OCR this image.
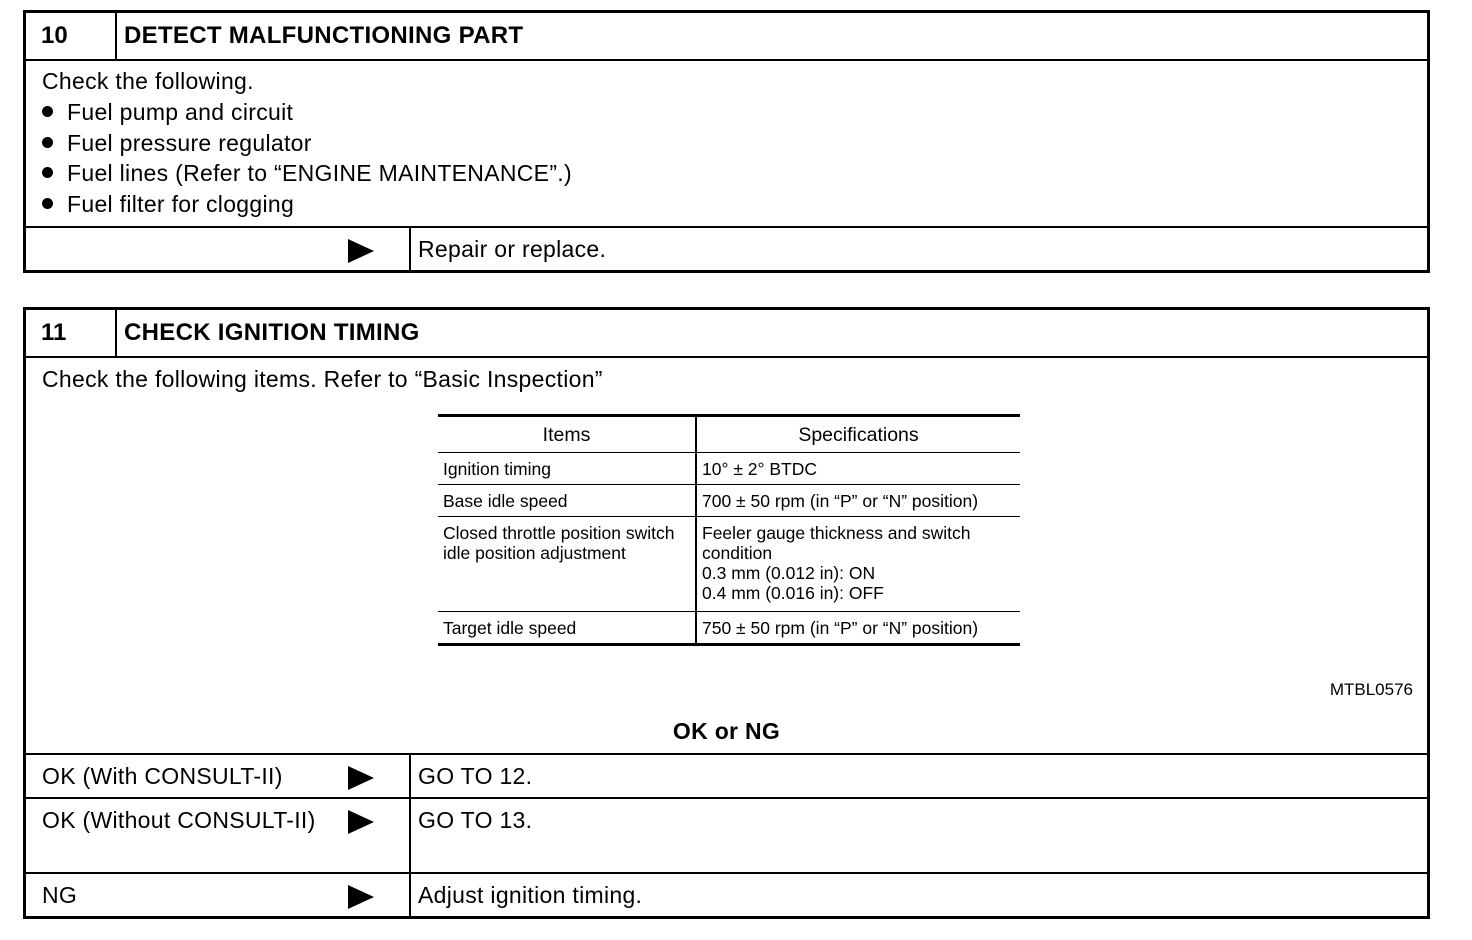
10	DETECT MALFUNCTIONING PART
Check the following.
Fuel pump and circuit
Fuel pressure regulator
Fuel lines (Refer to “ENGINE MAINTENANCE”.)
Fuel filter for clogging
Repair or replace.
11	CHECK IGNITION TIMING
Check the following items. Refer to “Basic Inspection”
Items	Specifications
Ignition timing	10° ± 2° BTDC

Base idle speed	700 ± 50 rpm (in “P” or “N” position)

Closed throttle position switch idle position adjustment	Feeler gauge thickness and switch condition
0.3 mm (0.012 in): ON
0.4 mm (0.016 in): OFF

Target idle speed	750 ± 50 rpm (in “P” or “N” position)
MTBL0576
OK or NG
OK (With CONSULT-II)	GO TO 12.
OK (Without CONSULT-II)	GO TO 13.
NG	Adjust ignition timing.
